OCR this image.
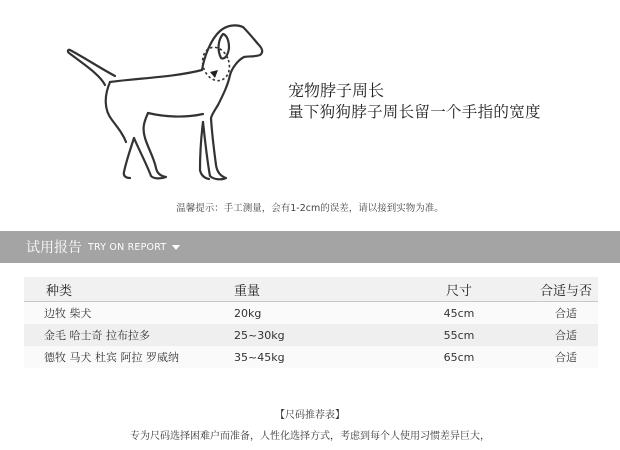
宠物脖子周长
量下狗狗脖子周长留一个手指的宽度
温馨提示：手工测量，会有1-2cm的误差，请以接到实物为准。
试用报告 TRY ON REPORT
种类	重量	尺寸	合适与否
边牧 柴犬	20kg	45cm	合适
金毛 哈士奇 拉布拉多	25~30kg	55cm	合适
德牧 马犬 杜宾 阿拉 罗威纳	35~45kg	65cm	合适
【尺码推荐表】
专为尺码选择困难户而准备，人性化选择方式，考虑到每个人使用习惯差异巨大，
